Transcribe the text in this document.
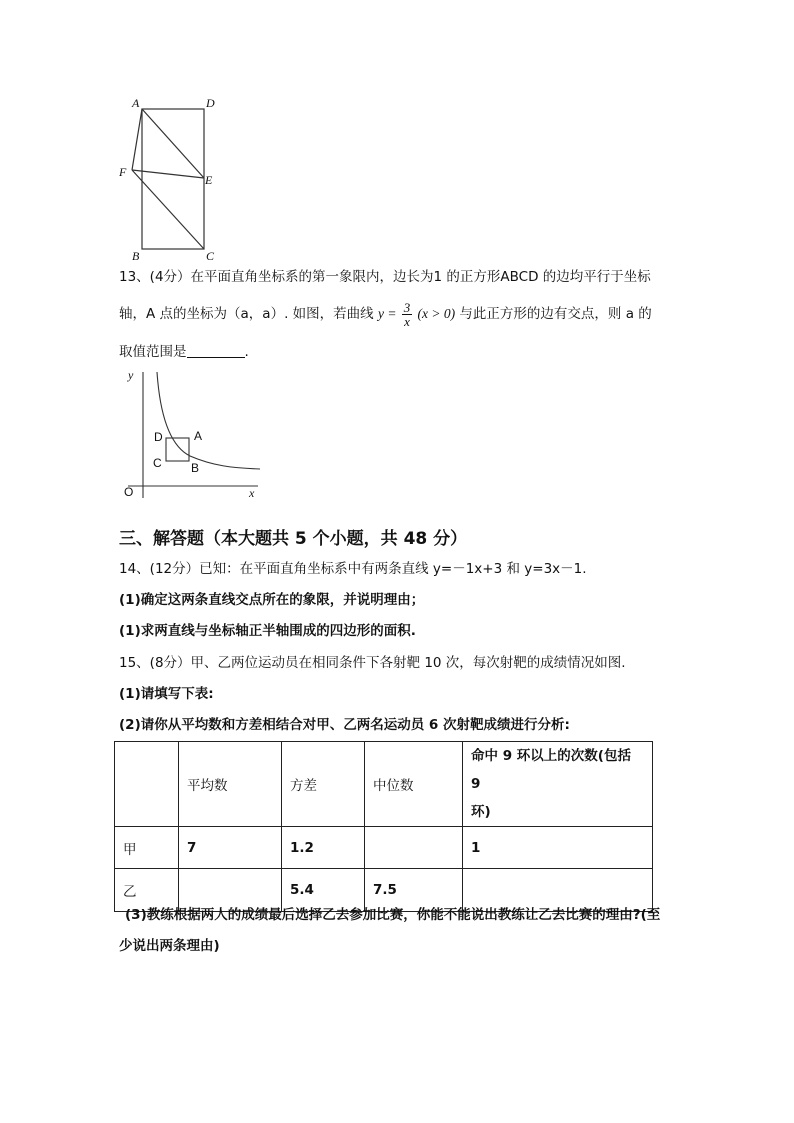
A	D
F
E
B	C
13、(4分）在平面直角坐标系的第一象限内，边长为1 的正方形ABCD 的边均平行于坐标
轴，A 点的坐标为（a，a）. 如图，若曲线 $y = \frac{3}{x} (x > 0)$ 与此正方形的边有交点，则 a 的
取值范围是	.
y
x
O
D	A
C B
三、解答题（本大题共 5 个小题，共 48 分）
14、(12分）已知：在平面直角坐标系中有两条直线 y=－1x+3 和 y=3x－1.
(1)确定这两条直线交点所在的象限，并说明理由；
(1)求两直线与坐标轴正半轴围成的四边形的面积.
15、(8分）甲、乙两位运动员在相同条件下各射靶 10 次，每次射靶的成绩情况如图.
(1)请填写下表:
(2)请你从平均数和方差相结合对甲、乙两名运动员 6 次射靶成绩进行分析:
	平均数	方差	中位数	命中 9 环以上的次数(包括 9
环)

甲	7	1.2		1
乙		5.4	7.5	
(3)教练根据两人的成绩最后选择乙去参加比赛，你能不能说出教练让乙去比赛的理由?(至
少说出两条理由)
